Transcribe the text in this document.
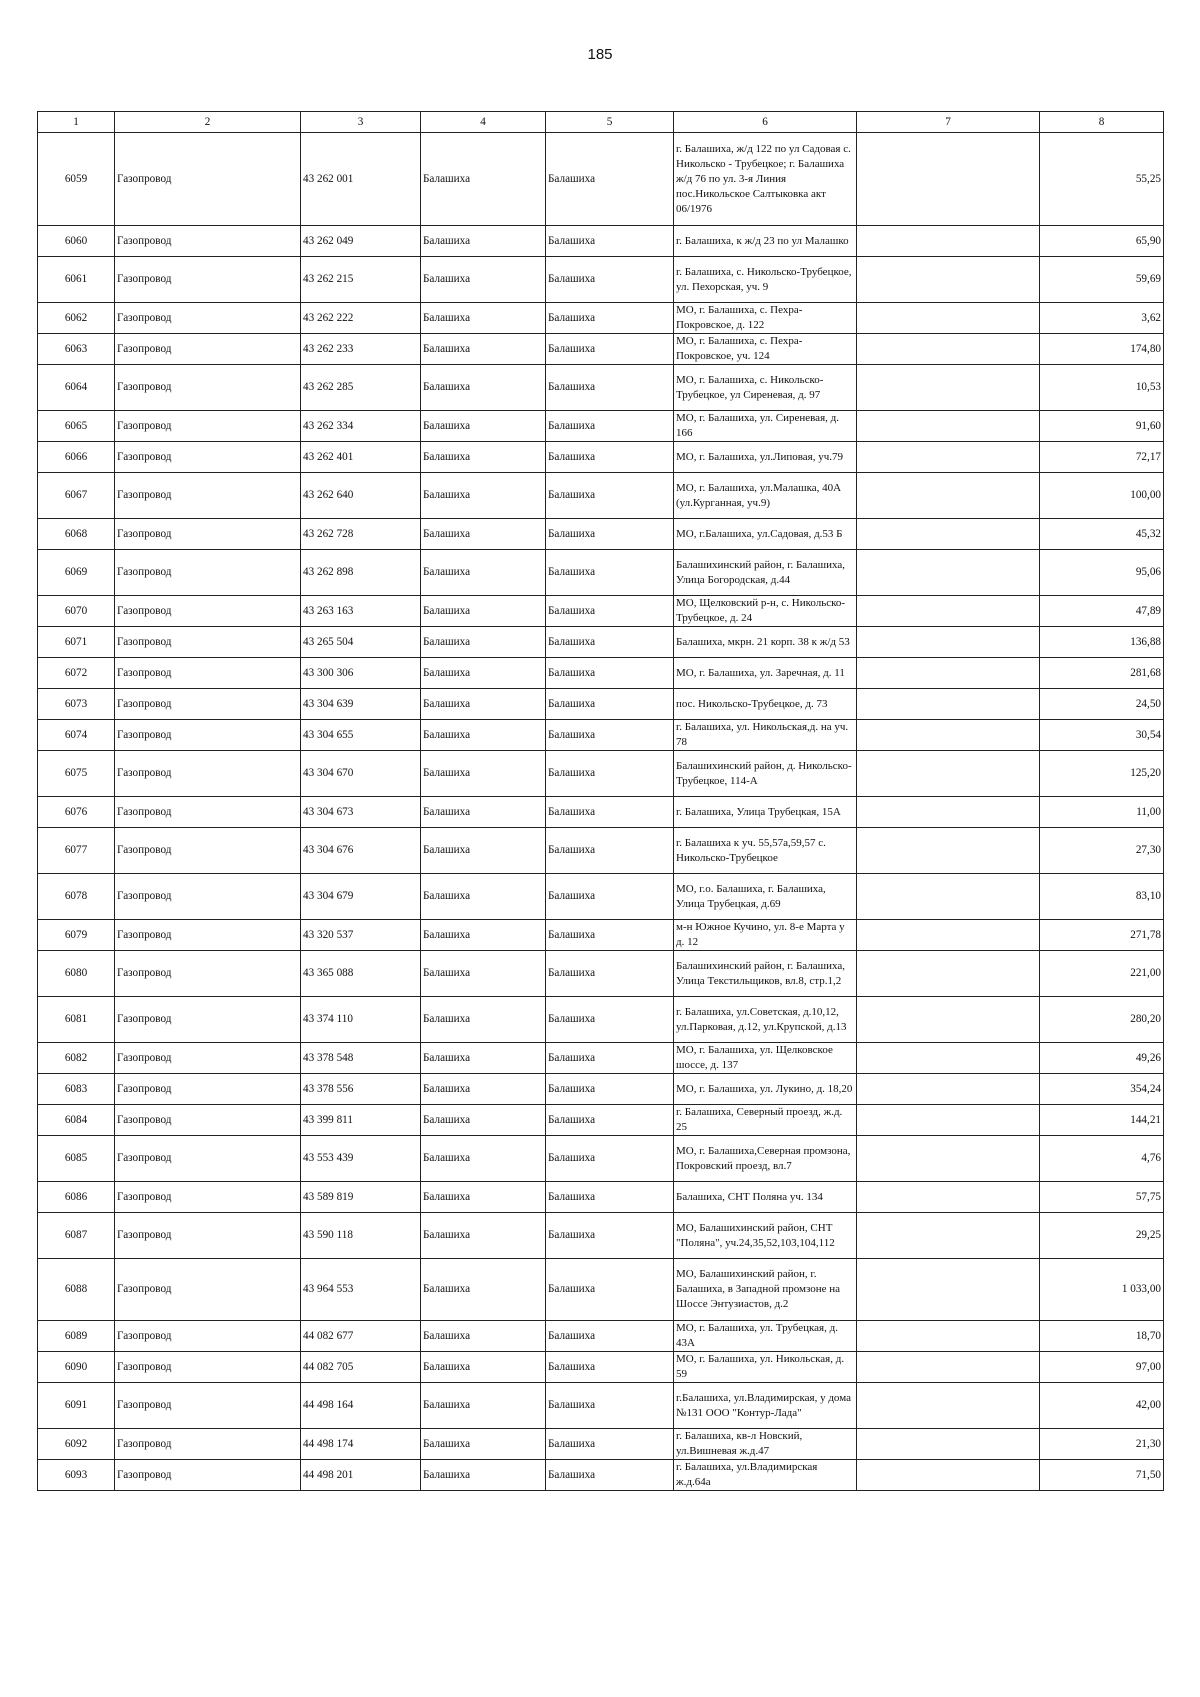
185
1	2	3	4	5	6	7	8
6059	Газопровод	43 262 001	Балашиха	Балашиха	г. Балашиха, ж/д 122 по ул Садовая с. Никольско - Трубецкое; г. Балашиха ж/д 76 по ул. 3-я Линия пос.Никольское Салтыковка акт 06/1976		55,25
6060	Газопровод	43 262 049	Балашиха	Балашиха	г. Балашиха, к ж/д 23 по ул Малашко		65,90
6061	Газопровод	43 262 215	Балашиха	Балашиха	г. Балашиха, с. Никольско-Трубецкое, ул. Пехорская, уч. 9		59,69
6062	Газопровод	43 262 222	Балашиха	Балашиха	МО, г. Балашиха, с. Пехра-Покровское, д. 122		3,62
6063	Газопровод	43 262 233	Балашиха	Балашиха	МО, г. Балашиха, с. Пехра-Покровское, уч. 124		174,80
6064	Газопровод	43 262 285	Балашиха	Балашиха	МО, г. Балашиха, с. Никольско-Трубецкое, ул Сиреневая, д. 97		10,53
6065	Газопровод	43 262 334	Балашиха	Балашиха	МО, г. Балашиха, ул. Сиреневая, д. 166		91,60
6066	Газопровод	43 262 401	Балашиха	Балашиха	МО, г. Балашиха, ул.Липовая, уч.79		72,17
6067	Газопровод	43 262 640	Балашиха	Балашиха	МО, г. Балашиха, ул.Малашка, 40А (ул.Курганная, уч.9)		100,00
6068	Газопровод	43 262 728	Балашиха	Балашиха	МО, г.Балашиха, ул.Садовая, д.53 Б		45,32
6069	Газопровод	43 262 898	Балашиха	Балашиха	Балашихинский район, г. Балашиха, Улица Богородская, д.44		95,06
6070	Газопровод	43 263 163	Балашиха	Балашиха	МО, Щелковский р-н, с. Никольско-Трубецкое, д. 24		47,89
6071	Газопровод	43 265 504	Балашиха	Балашиха	Балашиха, мкрн. 21 корп. 38 к ж/д 53		136,88
6072	Газопровод	43 300 306	Балашиха	Балашиха	МО, г. Балашиха, ул. Заречная, д. 11		281,68
6073	Газопровод	43 304 639	Балашиха	Балашиха	пос. Никольско-Трубецкое, д. 73		24,50
6074	Газопровод	43 304 655	Балашиха	Балашиха	г. Балашиха, ул. Никольская,д. на уч. 78		30,54
6075	Газопровод	43 304 670	Балашиха	Балашиха	Балашихинский район, д. Никольско-Трубецкое, 114-А		125,20
6076	Газопровод	43 304 673	Балашиха	Балашиха	г. Балашиха, Улица Трубецкая, 15А		11,00
6077	Газопровод	43 304 676	Балашиха	Балашиха	г. Балашиха к уч. 55,57а,59,57 с. Никольско-Трубецкое		27,30
6078	Газопровод	43 304 679	Балашиха	Балашиха	МО, г.о. Балашиха, г. Балашиха, Улица Трубецкая, д.69		83,10
6079	Газопровод	43 320 537	Балашиха	Балашиха	м-н Южное Кучино, ул. 8-е Марта у д. 12		271,78
6080	Газопровод	43 365 088	Балашиха	Балашиха	Балашихинский район, г. Балашиха, Улица Текстильщиков, вл.8, стр.1,2		221,00
6081	Газопровод	43 374 110	Балашиха	Балашиха	г. Балашиха, ул.Советская, д.10,12, ул.Парковая, д.12, ул.Крупской, д.13		280,20
6082	Газопровод	43 378 548	Балашиха	Балашиха	МО, г. Балашиха, ул. Щелковское шоссе, д. 137		49,26
6083	Газопровод	43 378 556	Балашиха	Балашиха	МО, г. Балашиха, ул. Лукино, д. 18,20		354,24
6084	Газопровод	43 399 811	Балашиха	Балашиха	г. Балашиха, Северный проезд, ж.д. 25		144,21
6085	Газопровод	43 553 439	Балашиха	Балашиха	МО, г. Балашиха,Северная промзона, Покровский проезд, вл.7		4,76
6086	Газопровод	43 589 819	Балашиха	Балашиха	Балашиха, СНТ Поляна уч. 134		57,75
6087	Газопровод	43 590 118	Балашиха	Балашиха	МО, Балашихинский район, СНТ "Поляна", уч.24,35,52,103,104,112		29,25
6088	Газопровод	43 964 553	Балашиха	Балашиха	МО, Балашихинский район, г. Балашиха, в Западной промзоне на Шоссе Энтузиастов, д.2		1 033,00
6089	Газопровод	44 082 677	Балашиха	Балашиха	МО, г. Балашиха, ул. Трубецкая, д. 43А		18,70
6090	Газопровод	44 082 705	Балашиха	Балашиха	МО, г. Балашиха, ул. Никольская, д. 59		97,00
6091	Газопровод	44 498 164	Балашиха	Балашиха	г.Балашиха, ул.Владимирская, у дома №131 ООО "Контур-Лада"		42,00
6092	Газопровод	44 498 174	Балашиха	Балашиха	г. Балашиха, кв-л Новский, ул.Вишневая ж.д.47		21,30
6093	Газопровод	44 498 201	Балашиха	Балашиха	г. Балашиха, ул.Владимирская ж.д.64а		71,50
